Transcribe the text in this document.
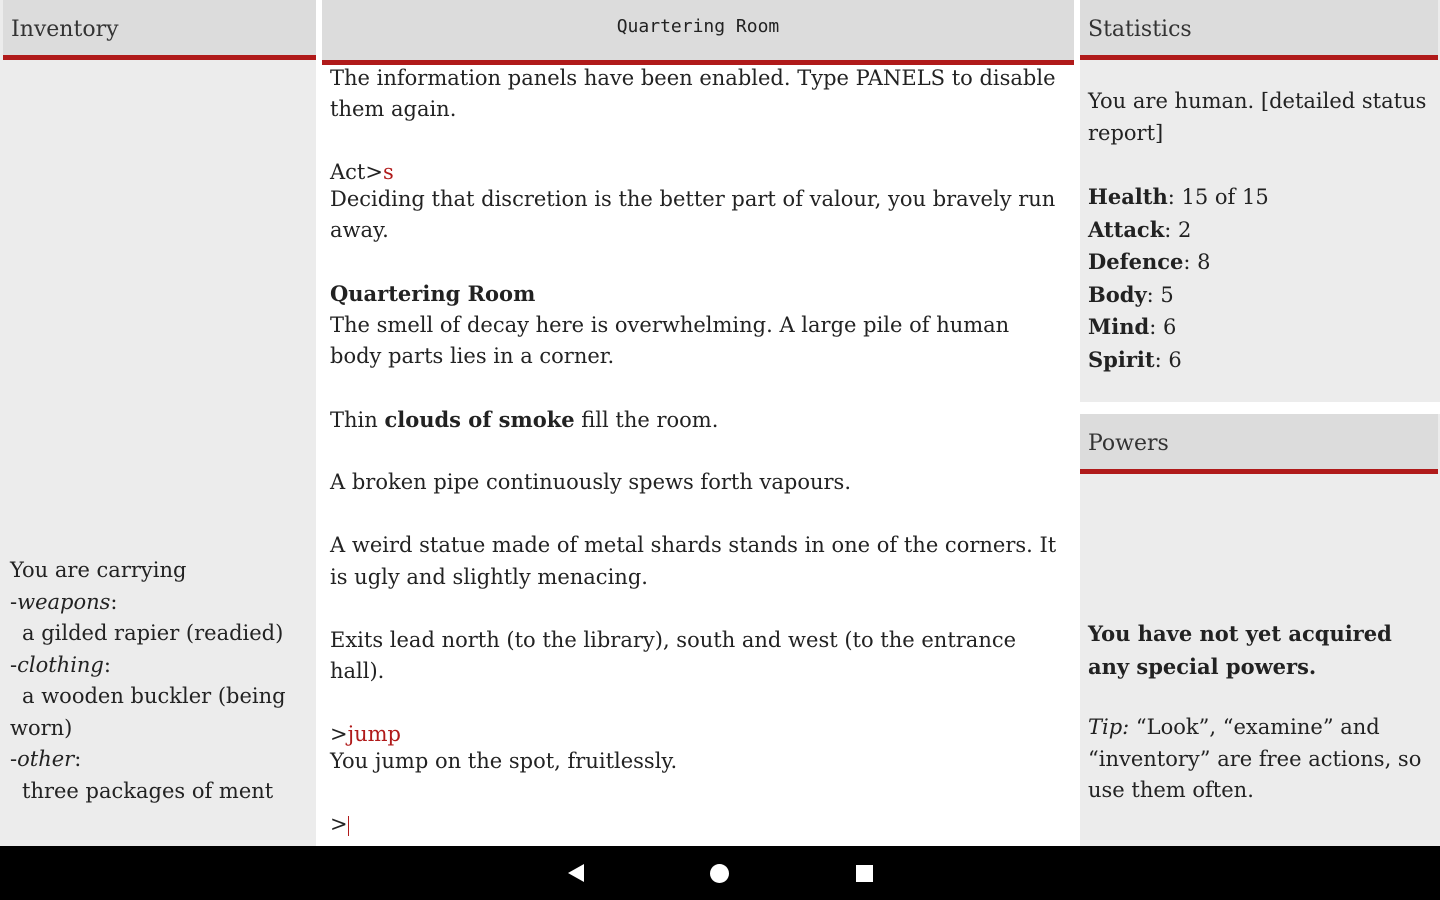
Inventory	Quartering Room	Statistics
Powers
You are carrying
-weapons:
a gilded rapier (readied)
-clothing:
a wooden buckler (being
worn)
-other:
three packages of ment
The information panels have been enabled. Type PANELS to disable
them again.
Act>s
Deciding that discretion is the better part of valour, you bravely run
away.
Quartering Room
The smell of decay here is overwhelming. A large pile of human
body parts lies in a corner.
Thin clouds of smoke fill the room.
A broken pipe continuously spews forth vapours.
A weird statue made of metal shards stands in one of the corners. It
is ugly and slightly menacing.
Exits lead north (to the library), south and west (to the entrance
hall).
>jump
You jump on the spot, fruitlessly.
>
You are human. [detailed status
report]
Health: 15 of 15
Attack: 2
Defence: 8
Body: 5
Mind: 6
Spirit: 6
You have not yet acquired
any special powers.
Tip: “Look”, “examine” and
“inventory” are free actions, so
use them often.
